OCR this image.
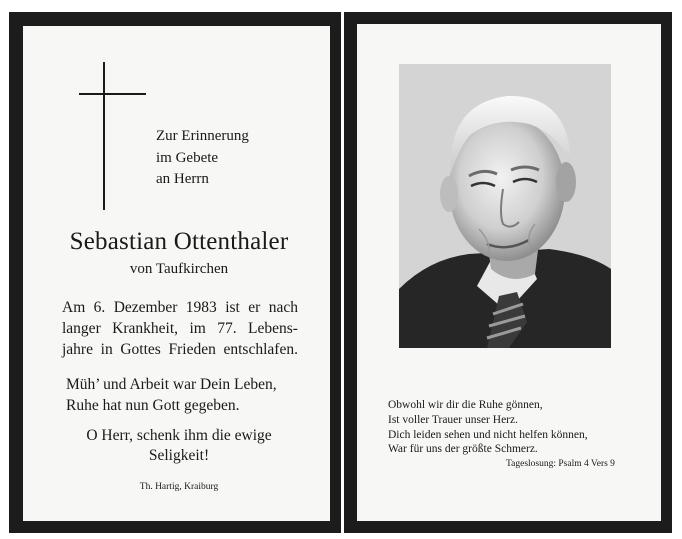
Zur Erinnerung
im Gebete
an Herrn
Sebastian Ottenthaler
von Taufkirchen
Am 6. Dezember 1983 ist er nach
langer Krankheit, im 77. Lebens-
jahre in Gottes Frieden entschlafen.
Müh’ und Arbeit war Dein Leben,
Ruhe hat nun Gott gegeben.
O Herr, schenk ihm die ewige
Seligkeit!
Th. Hartig, Kraiburg
Obwohl wir dir die Ruhe gönnen,
Ist voller Trauer unser Herz.
Dich leiden sehen und nicht helfen können,
War für uns der größte Schmerz.
Tageslosung: Psalm 4 Vers 9
